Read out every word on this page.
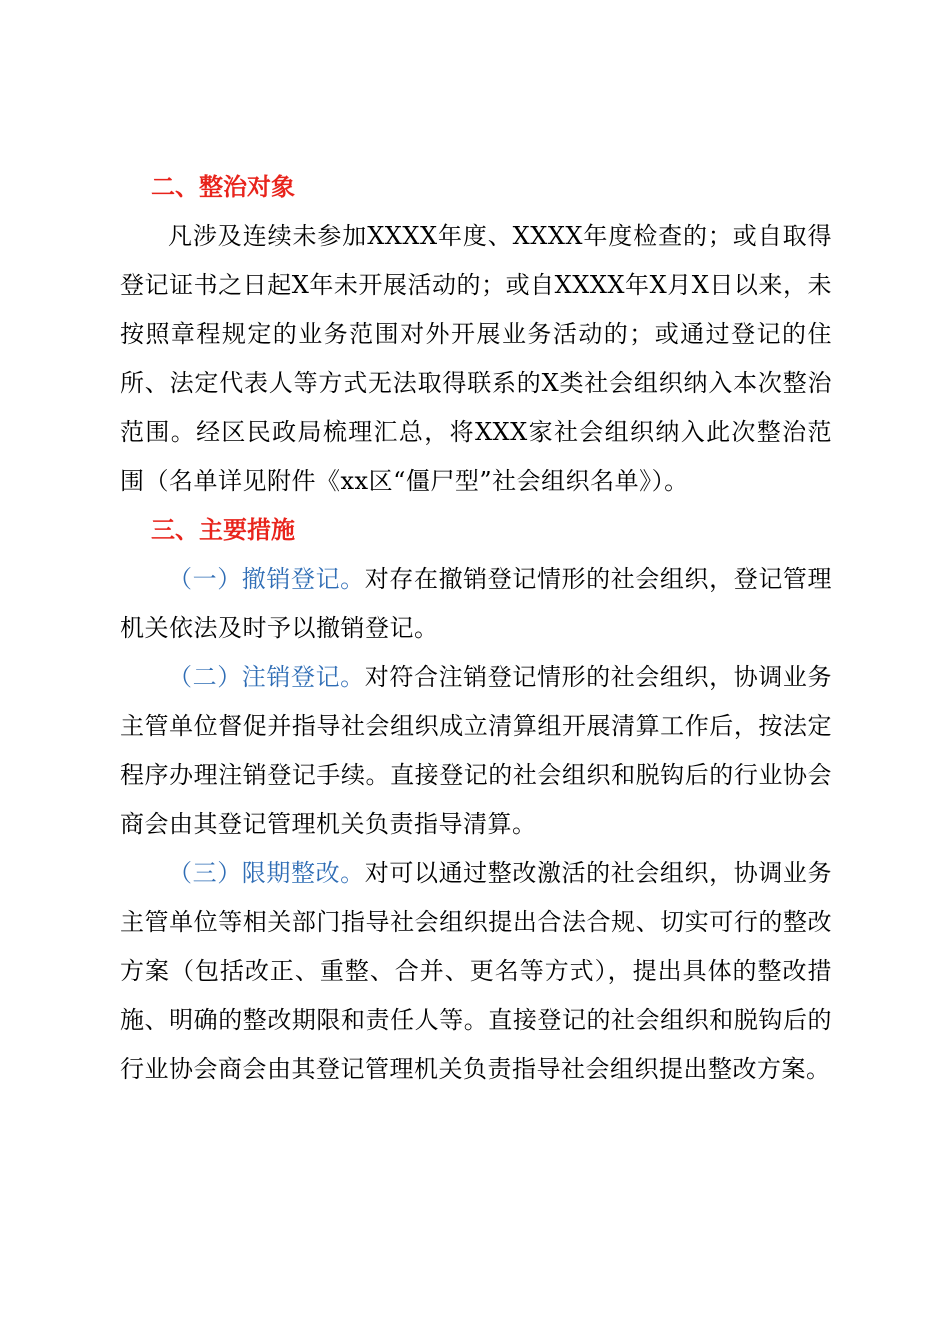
二、整治对象

凡涉及连续未参加XXXX年度、XXXX年度检查的；或自取得登记证书之日起X年未开展活动的；或自XXXX年X月X日以来，未按照章程规定的业务范围对外开展业务活动的；或通过登记的住所、法定代表人等方式无法取得联系的X类社会组织纳入本次整治范围。经区民政局梳理汇总，将XXX家社会组织纳入此次整治范围（名单详见附件《xx区“僵尸型”社会组织名单》）。

三、主要措施

（一）撤销登记。对存在撤销登记情形的社会组织，登记管理机关依法及时予以撤销登记。

（二）注销登记。对符合注销登记情形的社会组织，协调业务主管单位督促并指导社会组织成立清算组开展清算工作后，按法定程序办理注销登记手续。直接登记的社会组织和脱钩后的行业协会商会由其登记管理机关负责指导清算。

（三）限期整改。对可以通过整改激活的社会组织，协调业务主管单位等相关部门指导社会组织提出合法合规、切实可行的整改方案（包括改正、重整、合并、更名等方式），提出具体的整改措施、明确的整改期限和责任人等。直接登记的社会组织和脱钩后的行业协会商会由其登记管理机关负责指导社会组织提出整改方案。
